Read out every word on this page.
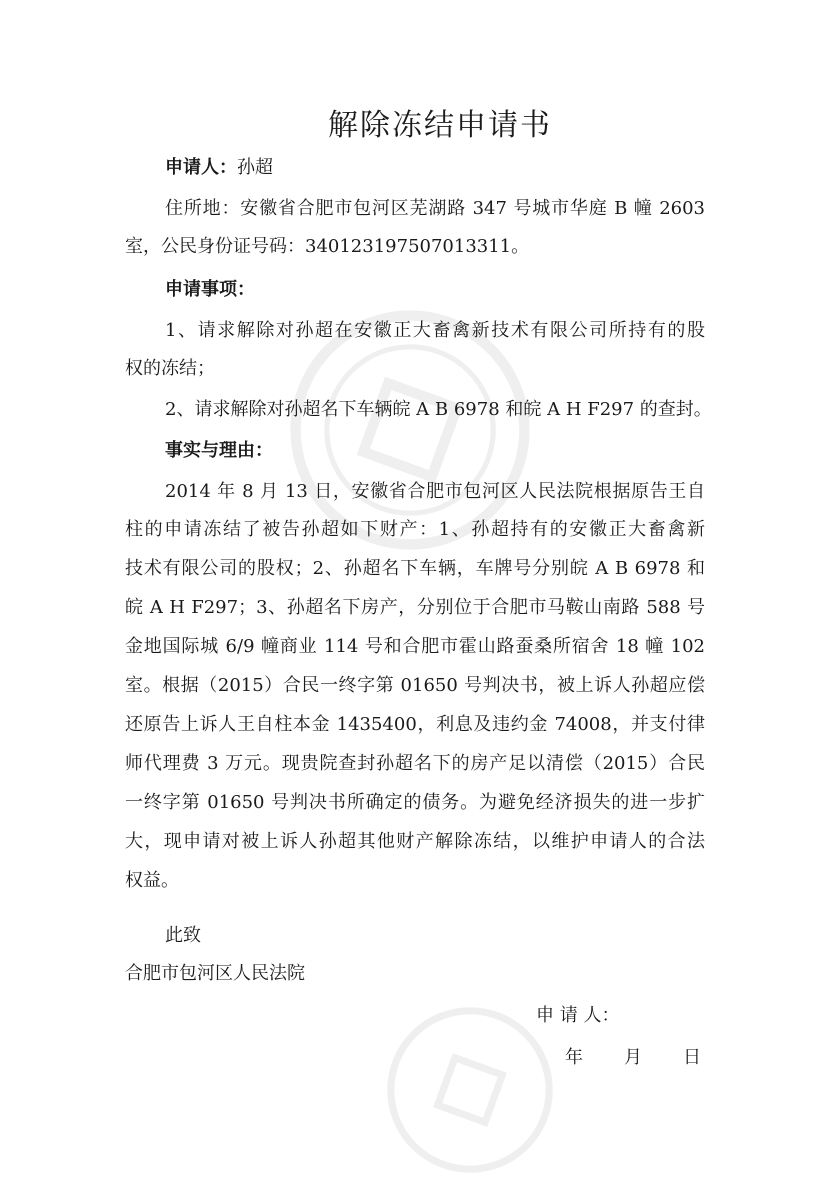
解除冻结申请书
申请人：孙超
住所地：安徽省合肥市包河区芜湖路 347 号城市华庭 B 幢 2603
室，公民身份证号码：340123197507013311。
申请事项：
1、请求解除对孙超在安徽正大畜禽新技术有限公司所持有的股
权的冻结；
2、请求解除对孙超名下车辆皖 A B 6978 和皖 A H F297 的查封。
事实与理由：
2014 年 8 月 13 日，安徽省合肥市包河区人民法院根据原告王自
柱的申请冻结了被告孙超如下财产：1、孙超持有的安徽正大畜禽新
技术有限公司的股权；2、孙超名下车辆，车牌号分别皖 A B 6978 和
皖 A H F297；3、孙超名下房产，分别位于合肥市马鞍山南路 588 号
金地国际城 6/9 幢商业 114 号和合肥市霍山路蚕桑所宿舍 18 幢 102
室。根据（2015）合民一终字第 01650 号判决书，被上诉人孙超应偿
还原告上诉人王自柱本金 1435400，利息及违约金 74008，并支付律
师代理费 3 万元。现贵院查封孙超名下的房产足以清偿（2015）合民
一终字第 01650 号判决书所确定的债务。为避免经济损失的进一步扩
大，现申请对被上诉人孙超其他财产解除冻结，以维护申请人的合法
权益。
此致
合肥市包河区人民法院
申 请 人：
年	月	日
